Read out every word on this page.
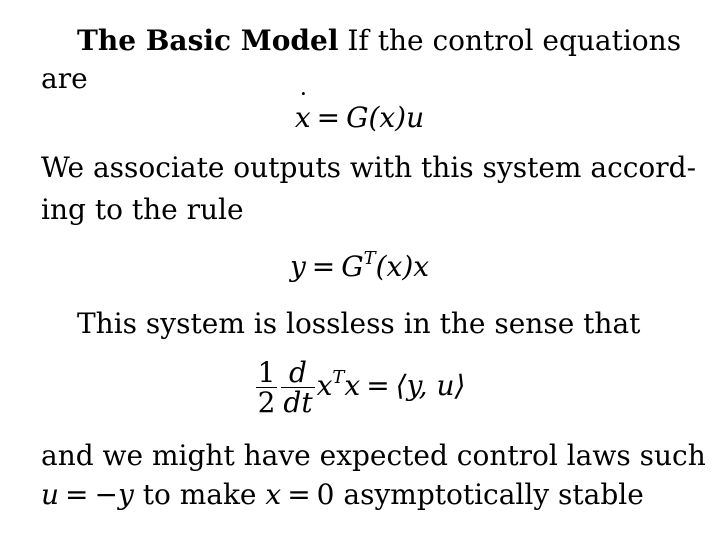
The Basic Model If the control equations
are
x ˙ = G(x)u
We associate outputs with this system accord-
ing to the rule
$y = G^T(x)x$
This system is lossless in the sense that
$\frac{1}{2} \frac{d}{dt} x^Tx$ = ⟨y, u⟩
and we might have expected control laws such
u = −y to make x = 0 asymptotically stable
